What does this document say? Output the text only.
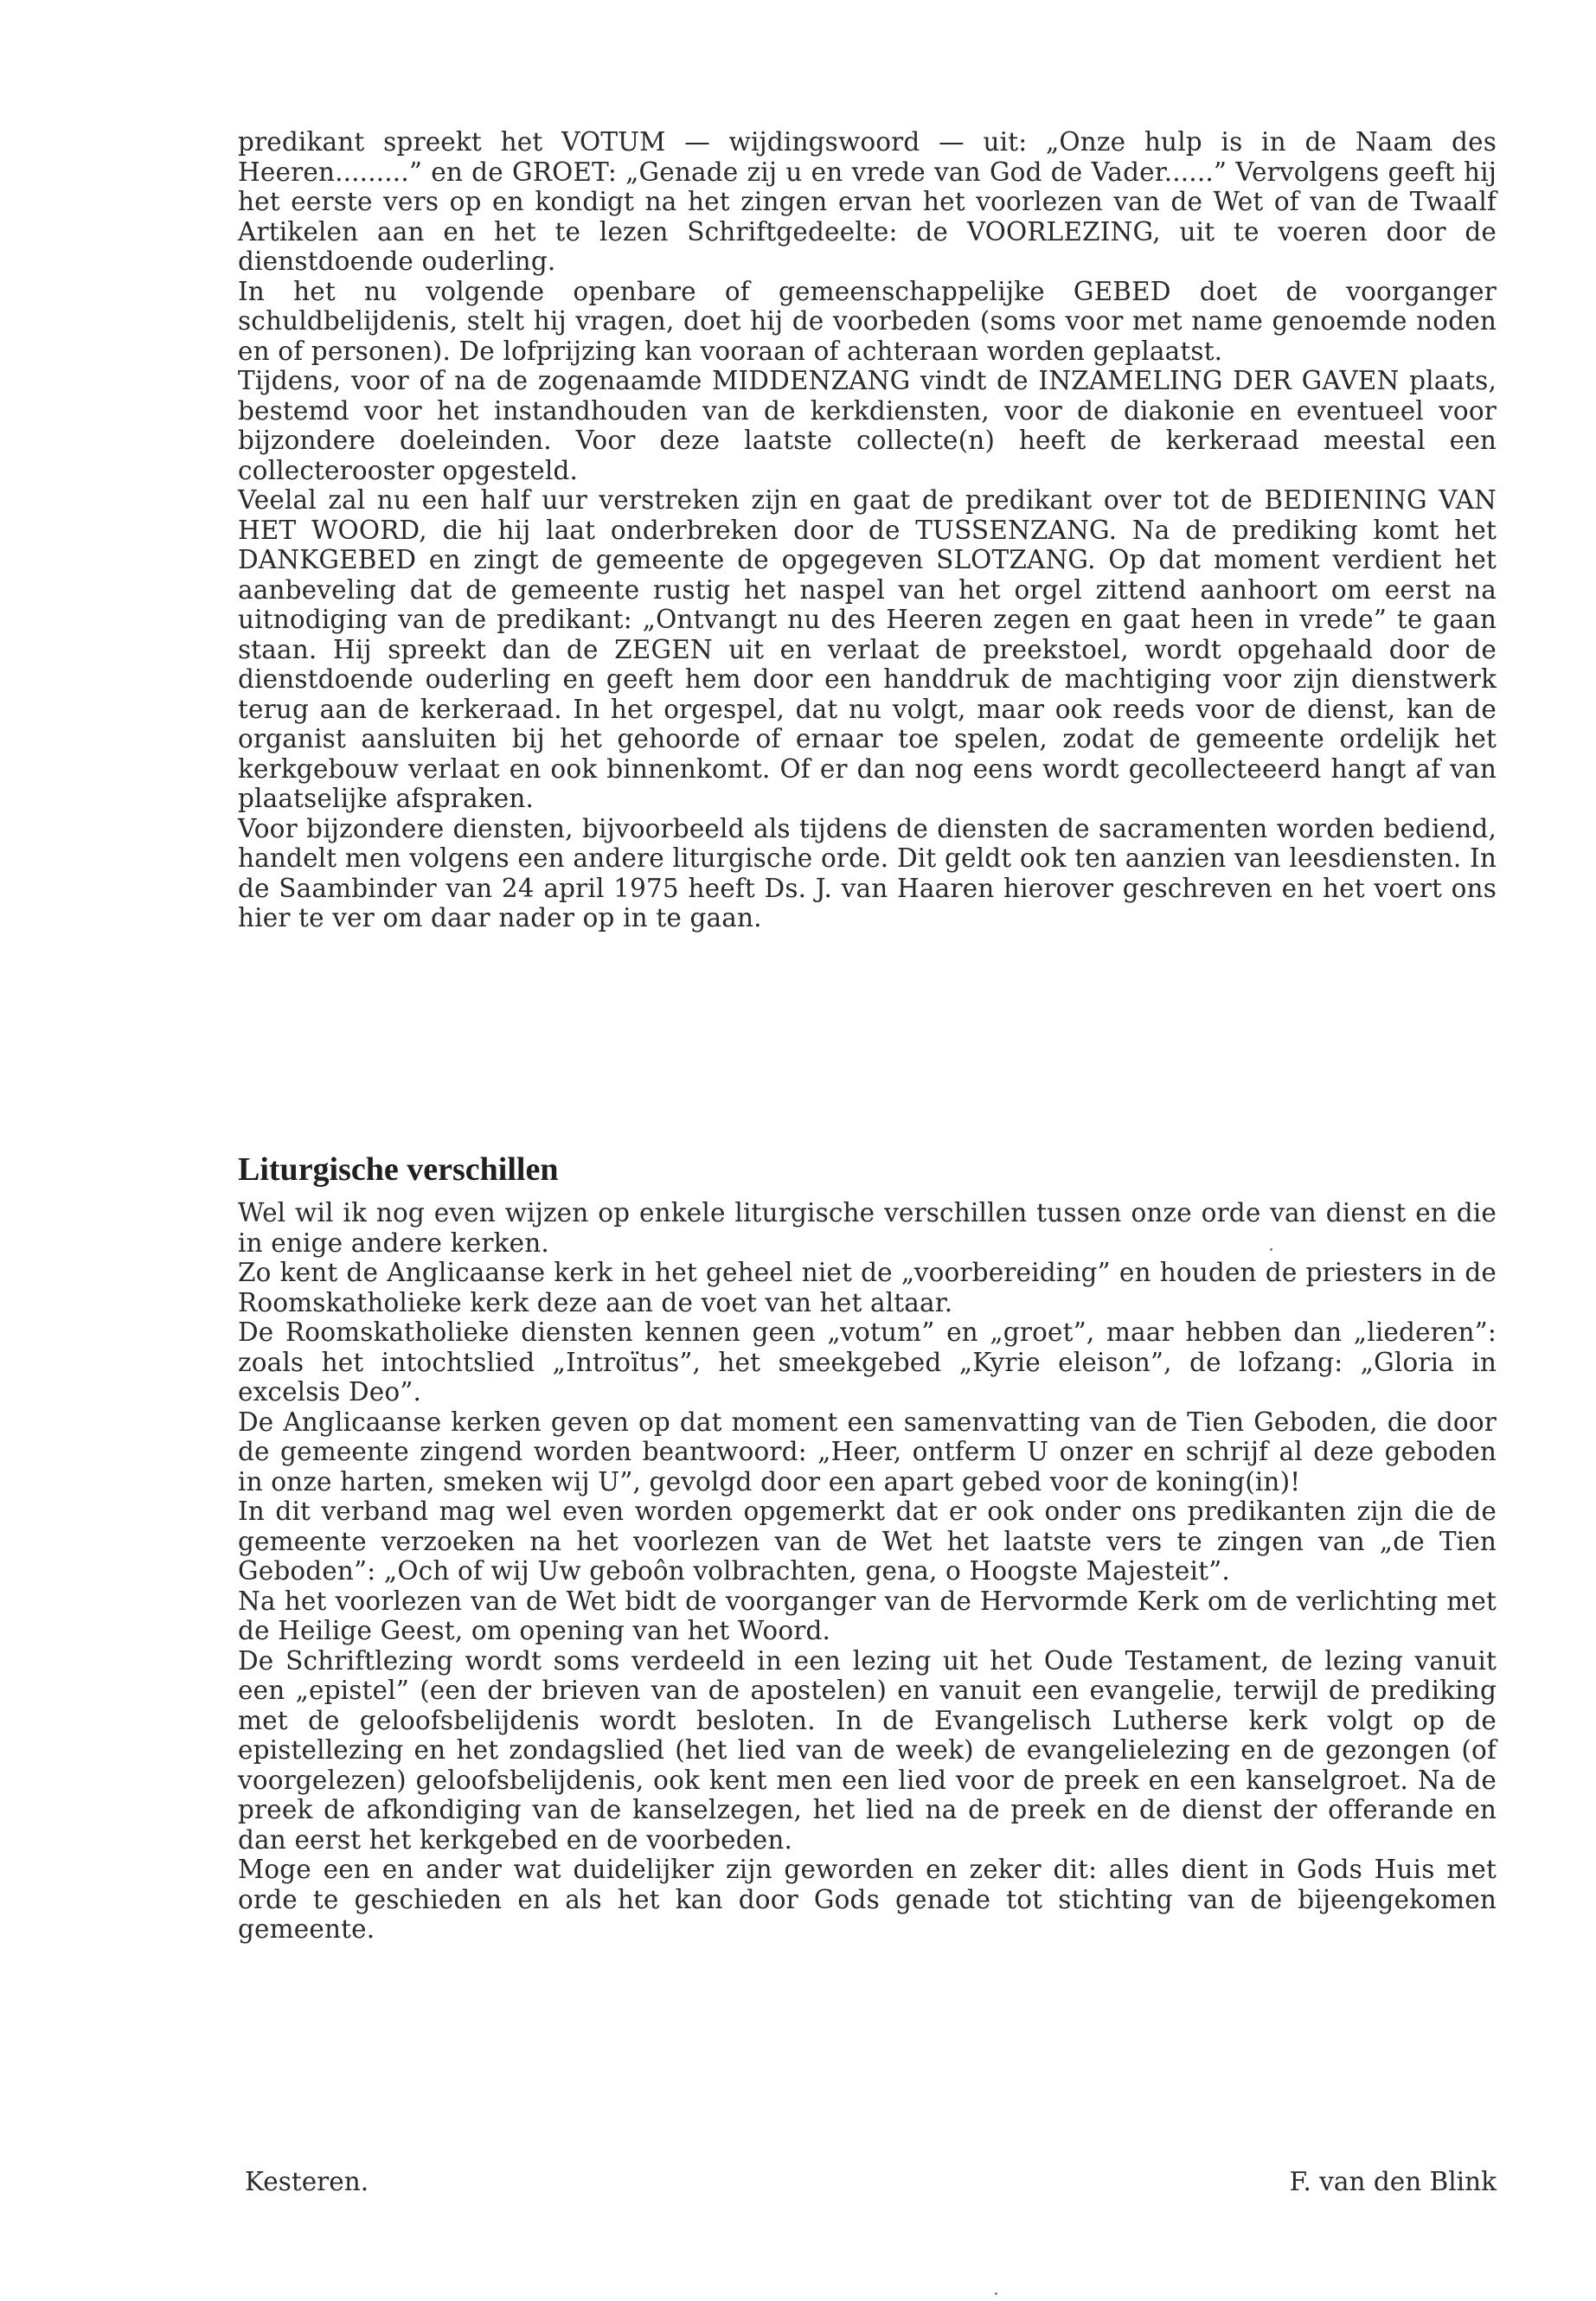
predikant spreekt het VOTUM — wijdingswoord — uit: „Onze hulp is in de Naam des Heeren.........” en de GROET: „Genade zij u en vrede van God de Vader......” Vervolgens geeft hij het eerste vers op en kondigt na het zingen ervan het voorlezen van de Wet of van de Twaalf Artikelen aan en het te lezen Schriftgedeelte: de VOORLEZING, uit te voeren door de dienstdoende ouderling.

In het nu volgende openbare of gemeenschappelijke GEBED doet de voorganger schuldbelijdenis, stelt hij vragen, doet hij de voorbeden (soms voor met name genoemde noden en of personen). De lofprijzing kan vooraan of achteraan worden geplaatst.

Tijdens, voor of na de zogenaamde MIDDENZANG vindt de INZAMELING DER GAVEN plaats, bestemd voor het instandhouden van de kerkdiensten, voor de diakonie en eventueel voor bijzondere doeleinden. Voor deze laatste collecte(n) heeft de kerkeraad meestal een collecterooster opgesteld.

Veelal zal nu een half uur verstreken zijn en gaat de predikant over tot de BEDIENING VAN HET WOORD, die hij laat onderbreken door de TUSSENZANG. Na de prediking komt het DANKGEBED en zingt de gemeente de opgegeven SLOTZANG. Op dat moment verdient het aanbeveling dat de gemeente rustig het naspel van het orgel zittend aanhoort om eerst na uitnodiging van de predikant: „Ontvangt nu des Heeren zegen en gaat heen in vrede” te gaan staan. Hij spreekt dan de ZEGEN uit en verlaat de preekstoel, wordt opgehaald door de dienstdoende ouderling en geeft hem door een handdruk de machtiging voor zijn dienstwerk terug aan de kerkeraad. In het orgespel, dat nu volgt, maar ook reeds voor de dienst, kan de organist aansluiten bij het gehoorde of ernaar toe spelen, zodat de gemeente ordelijk het kerkgebouw verlaat en ook binnenkomt. Of er dan nog eens wordt gecollecteeerd hangt af van plaatselijke afspraken.

Voor bijzondere diensten, bijvoorbeeld als tijdens de diensten de sacramenten worden bediend, handelt men volgens een andere liturgische orde. Dit geldt ook ten aanzien van leesdiensten. In de Saambinder van 24 april 1975 heeft Ds. J. van Haaren hierover geschreven en het voert ons hier te ver om daar nader op in te gaan.

Liturgische verschillen

Wel wil ik nog even wijzen op enkele liturgische verschillen tussen onze orde van dienst en die in enige andere kerken.

Zo kent de Anglicaanse kerk in het geheel niet de „voorbereiding” en houden de priesters in de Roomskatholieke kerk deze aan de voet van het altaar.

De Roomskatholieke diensten kennen geen „votum” en „groet”, maar hebben dan „liederen”: zoals het intochtslied „Introïtus”, het smeekgebed „Kyrie eleison”, de lofzang: „Gloria in excelsis Deo”.

De Anglicaanse kerken geven op dat moment een samenvatting van de Tien Geboden, die door de gemeente zingend worden beantwoord: „Heer, ontferm U onzer en schrijf al deze geboden in onze harten, smeken wij U”, gevolgd door een apart gebed voor de koning(in)!

In dit verband mag wel even worden opgemerkt dat er ook onder ons predikanten zijn die de gemeente verzoeken na het voorlezen van de Wet het laatste vers te zingen van „de Tien Geboden”: „Och of wij Uw geboôn volbrachten, gena, o Hoogste Majesteit”.

Na het voorlezen van de Wet bidt de voorganger van de Hervormde Kerk om de verlichting met de Heilige Geest, om opening van het Woord.

De Schriftlezing wordt soms verdeeld in een lezing uit het Oude Testament, de lezing vanuit een „epistel” (een der brieven van de apostelen) en vanuit een evangelie, terwijl de prediking met de geloofsbelijdenis wordt besloten. In de Evangelisch Lutherse kerk volgt op de epistellezing en het zondagslied (het lied van de week) de evangelielezing en de gezongen (of voorgelezen) geloofsbelijdenis, ook kent men een lied voor de preek en een kanselgroet. Na de preek de afkondiging van de kanselzegen, het lied na de preek en de dienst der offerande en dan eerst het kerkgebed en de voorbeden.

Moge een en ander wat duidelijker zijn geworden en zeker dit: alles dient in Gods Huis met orde te geschieden en als het kan door Gods genade tot stichting van de bijeengekomen gemeente.

Kesteren.	F. van den Blink
